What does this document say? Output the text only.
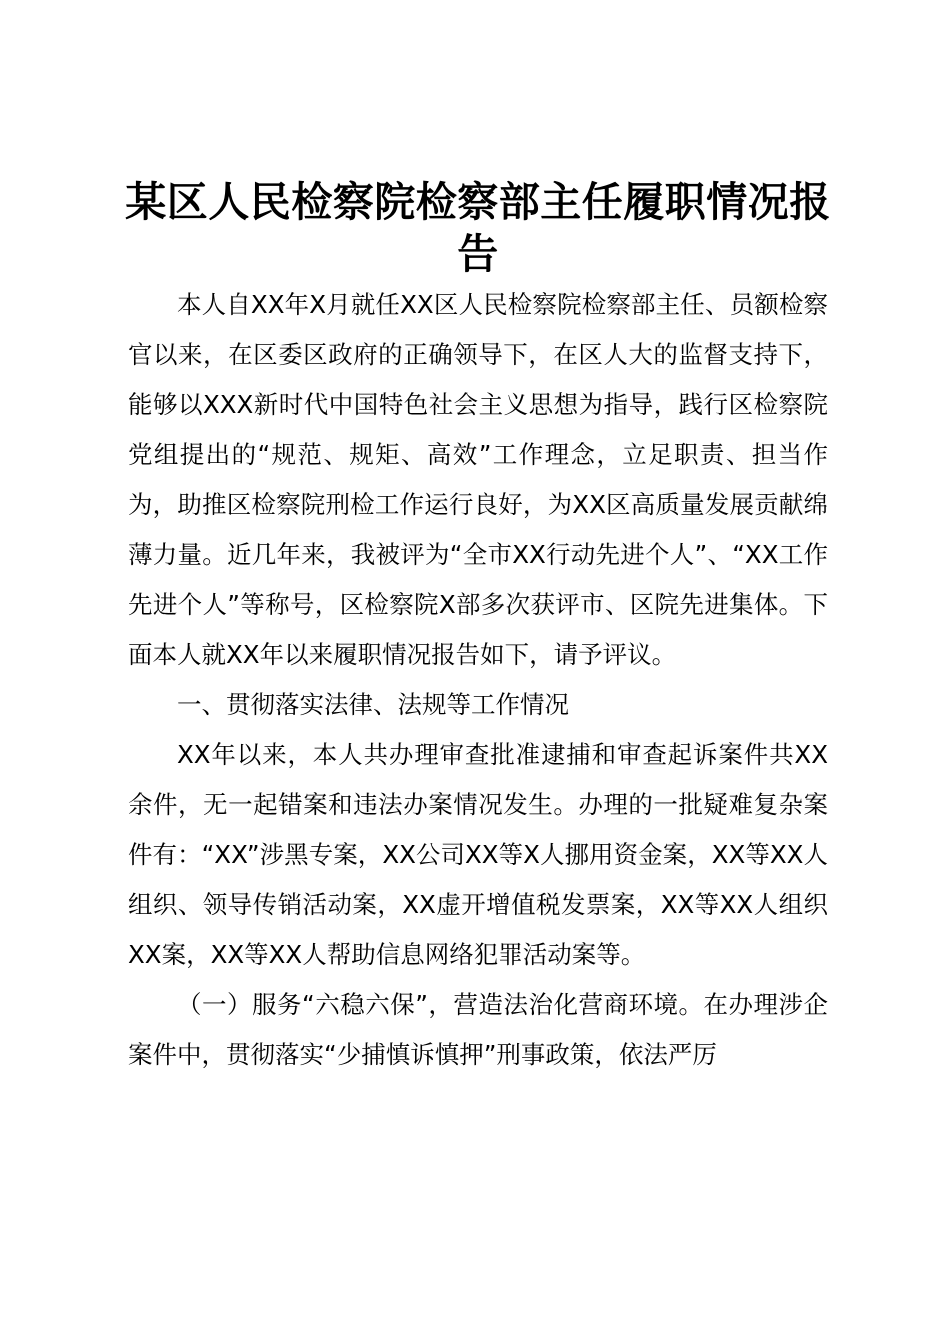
某区人民检察院检察部主任履职情况报告

本人自XX年X月就任XX区人民检察院检察部主任、员额检察官以来，在区委区政府的正确领导下，在区人大的监督支持下，能够以XXX新时代中国特色社会主义思想为指导，践行区检察院党组提出的“规范、规矩、高效”工作理念，立足职责、担当作为，助推区检察院刑检工作运行良好，为XX区高质量发展贡献绵薄力量。近几年来，我被评为“全市XX行动先进个人”、“XX工作先进个人”等称号，区检察院X部多次获评市、区院先进集体。下面本人就XX年以来履职情况报告如下，请予评议。

一、贯彻落实法律、法规等工作情况

XX年以来，本人共办理审查批准逮捕和审查起诉案件共XX余件，无一起错案和违法办案情况发生。办理的一批疑难复杂案件有：“XX”涉黑专案，XX公司XX等X人挪用资金案，XX等XX人组织、领导传销活动案，XX虚开增值税发票案，XX等XX人组织XX案，XX等XX人帮助信息网络犯罪活动案等。

（一）服务“六稳六保”，营造法治化营商环境。在办理涉企案件中，贯彻落实“少捕慎诉慎押”刑事政策，依法严厉
